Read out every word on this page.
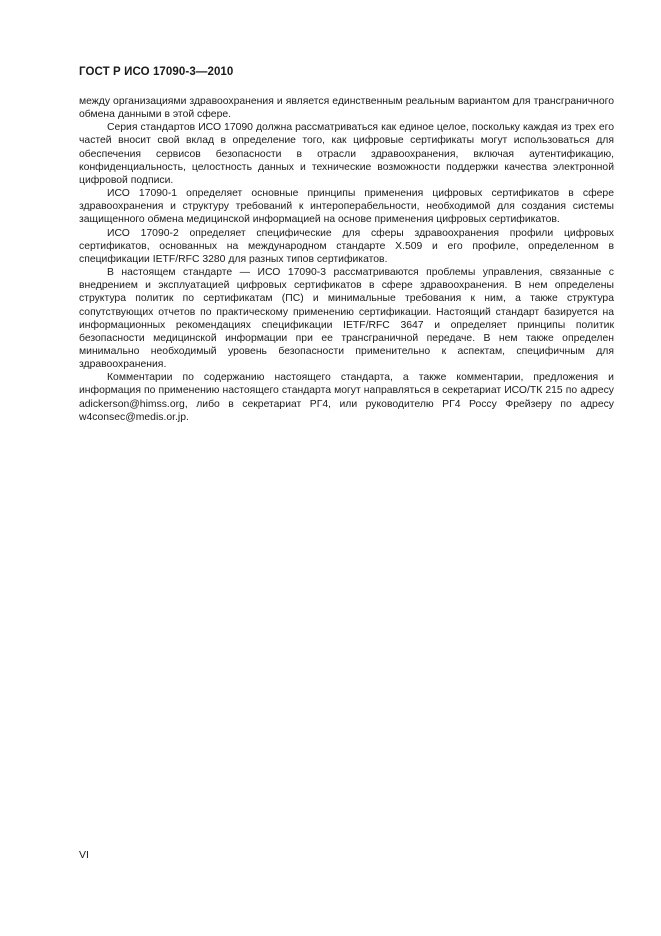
ГОСТ Р ИСО 17090-3—2010

между организациями здравоохранения и является единственным реальным вариантом для трансграничного обмена данными в этой сфере.

Серия стандартов ИСО 17090 должна рассматриваться как единое целое, поскольку каждая из трех его частей вносит свой вклад в определение того, как цифровые сертификаты могут использоваться для обеспечения сервисов безопасности в отрасли здравоохранения, включая аутентификацию, конфиденциальность, целостность данных и технические возможности поддержки качества электронной цифровой подписи.

ИСО 17090-1 определяет основные принципы применения цифровых сертификатов в сфере здравоохранения и структуру требований к интероперабельности, необходимой для создания системы защищенного обмена медицинской информацией на основе применения цифровых сертификатов.

ИСО 17090-2 определяет специфические для сферы здравоохранения профили цифровых сертификатов, основанных на международном стандарте X.509 и его профиле, определенном в спецификации IETF/RFC 3280 для разных типов сертификатов.

В настоящем стандарте — ИСО 17090-3 рассматриваются проблемы управления, связанные с внедрением и эксплуатацией цифровых сертификатов в сфере здравоохранения. В нем определены структура политик по сертификатам (ПС) и минимальные требования к ним, а также структура сопутствующих отчетов по практическому применению сертификации. Настоящий стандарт базируется на информационных рекомендациях спецификации IETF/RFC 3647 и определяет принципы политик безопасности медицинской информации при ее трансграничной передаче. В нем также определен минимально необходимый уровень безопасности применительно к аспектам, специфичным для здравоохранения.

Комментарии по содержанию настоящего стандарта, а также комментарии, предложения и информация по применению настоящего стандарта могут направляться в секретариат ИСО/ТК 215 по адресу adickerson@himss.org, либо в секретариат РГ4, или руководителю РГ4 Россу Фрейзеру по адресу w4consec@medis.or.jp.

VI
